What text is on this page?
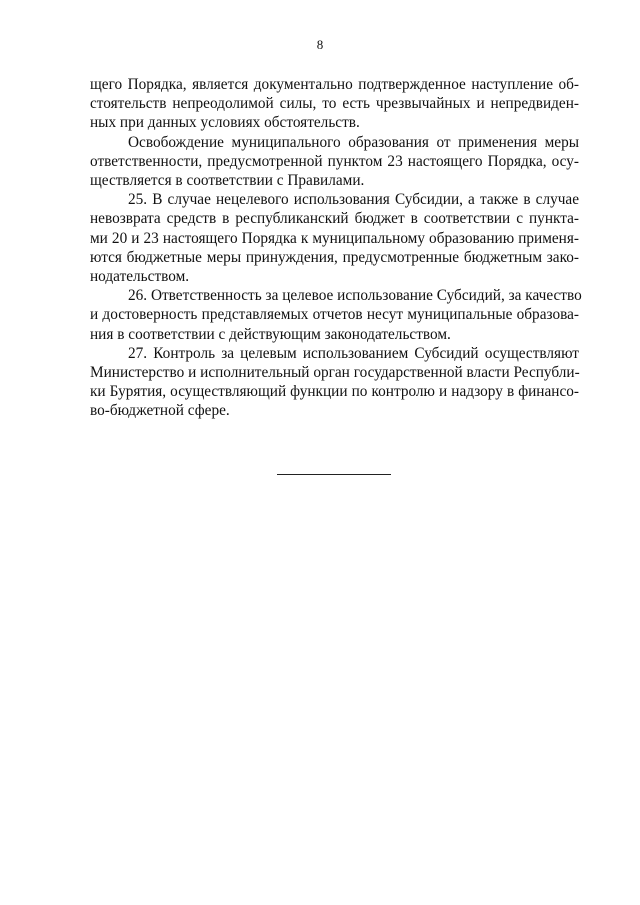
8
щего Порядка, является документально подтвержденное наступление об-
стоятельств непреодолимой силы, то есть чрезвычайных и непредвиден-
ных при данных условиях обстоятельств.
Освобождение муниципального образования от применения меры
ответственности, предусмотренной пунктом 23 настоящего Порядка, осу-
ществляется в соответствии с Правилами.
25. В случае нецелевого использования Субсидии, а также в случае
невозврата средств в республиканский бюджет в соответствии с пункта-
ми 20 и 23 настоящего Порядка к муниципальному образованию применя-
ются бюджетные меры принуждения, предусмотренные бюджетным зако-
нодательством.
26. Ответственность за целевое использование Субсидий, за качество
и достоверность представляемых отчетов несут муниципальные образова-
ния в соответствии с действующим законодательством.
27. Контроль за целевым использованием Субсидий осуществляют
Министерство и исполнительный орган государственной власти Республи-
ки Бурятия, осуществляющий функции по контролю и надзору в финансо-
во-бюджетной сфере.
